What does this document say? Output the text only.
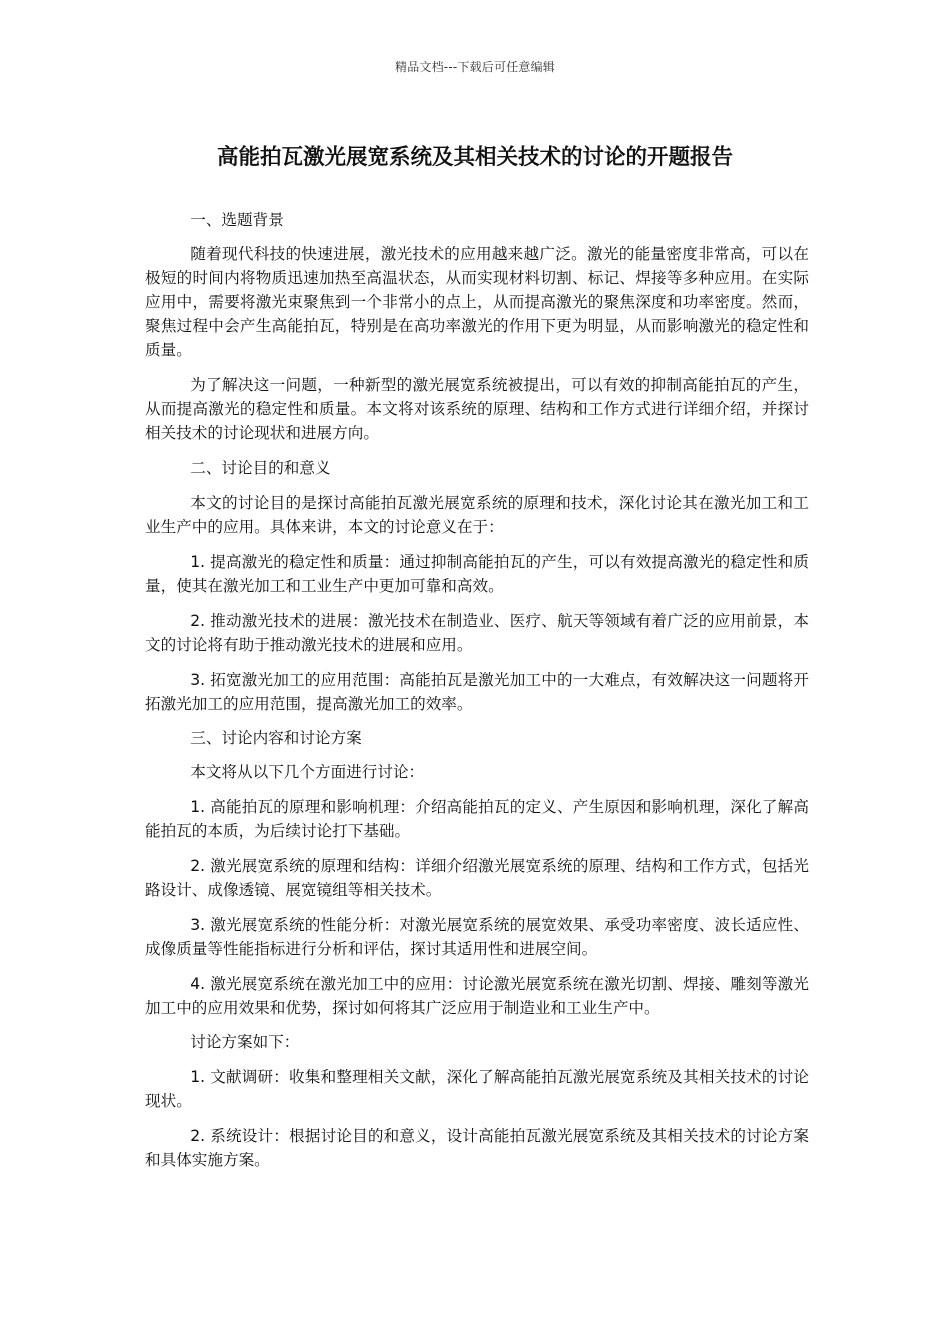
精品文档---下载后可任意编辑
高能拍瓦激光展宽系统及其相关技术的讨论的开题报告

一、选题背景

随着现代科技的快速进展，激光技术的应用越来越广泛。激光的能量密度非常高，可以在极短的时间内将物质迅速加热至高温状态，从而实现材料切割、标记、焊接等多种应用。在实际应用中，需要将激光束聚焦到一个非常小的点上，从而提高激光的聚焦深度和功率密度。然而，聚焦过程中会产生高能拍瓦，特别是在高功率激光的作用下更为明显，从而影响激光的稳定性和质量。

为了解决这一问题，一种新型的激光展宽系统被提出，可以有效的抑制高能拍瓦的产生，从而提高激光的稳定性和质量。本文将对该系统的原理、结构和工作方式进行详细介绍，并探讨相关技术的讨论现状和进展方向。

二、讨论目的和意义

本文的讨论目的是探讨高能拍瓦激光展宽系统的原理和技术，深化讨论其在激光加工和工业生产中的应用。具体来讲，本文的讨论意义在于：

1. 提高激光的稳定性和质量：通过抑制高能拍瓦的产生，可以有效提高激光的稳定性和质量，使其在激光加工和工业生产中更加可靠和高效。

2. 推动激光技术的进展：激光技术在制造业、医疗、航天等领域有着广泛的应用前景，本文的讨论将有助于推动激光技术的进展和应用。

3. 拓宽激光加工的应用范围：高能拍瓦是激光加工中的一大难点，有效解决这一问题将开拓激光加工的应用范围，提高激光加工的效率。

三、讨论内容和讨论方案

本文将从以下几个方面进行讨论：

1. 高能拍瓦的原理和影响机理：介绍高能拍瓦的定义、产生原因和影响机理，深化了解高能拍瓦的本质，为后续讨论打下基础。

2. 激光展宽系统的原理和结构：详细介绍激光展宽系统的原理、结构和工作方式，包括光路设计、成像透镜、展宽镜组等相关技术。

3. 激光展宽系统的性能分析：对激光展宽系统的展宽效果、承受功率密度、波长适应性、成像质量等性能指标进行分析和评估，探讨其适用性和进展空间。

4. 激光展宽系统在激光加工中的应用：讨论激光展宽系统在激光切割、焊接、雕刻等激光加工中的应用效果和优势，探讨如何将其广泛应用于制造业和工业生产中。

讨论方案如下：

1. 文献调研：收集和整理相关文献，深化了解高能拍瓦激光展宽系统及其相关技术的讨论现状。

2. 系统设计：根据讨论目的和意义，设计高能拍瓦激光展宽系统及其相关技术的讨论方案和具体实施方案。
